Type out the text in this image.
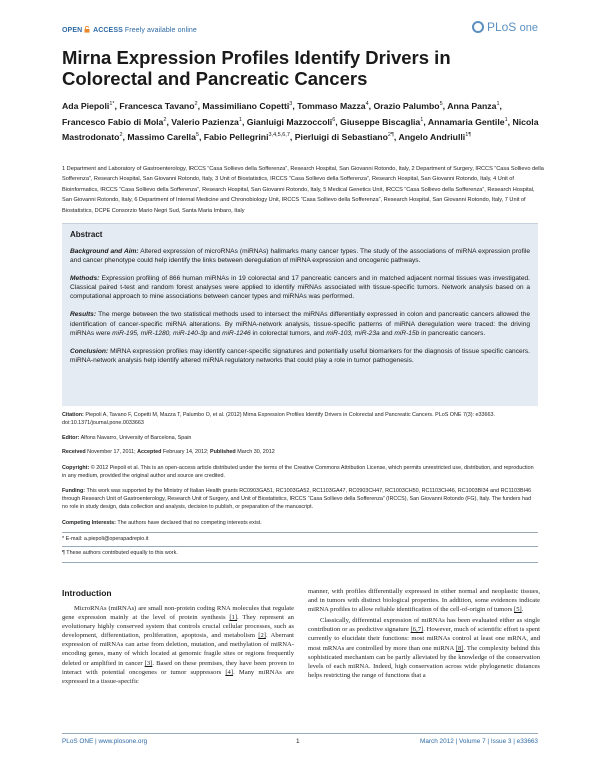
OPEN ACCESS Freely available online	PLoS one
Mirna Expression Profiles Identify Drivers in Colorectal and Pancreatic Cancers
Ada Piepoli$^{1*}$, Francesca Tavano$^2$, Massimiliano Copetti$^3$, Tommaso Mazza$^4$, Orazio Palumbo$^5$, Anna Panza$^1$, Francesco Fabio di Mola$^2$, Valerio Pazienza$^1$, Gianluigi Mazzoccoli$^6$, Giuseppe Biscaglia$^1$, Annamaria Gentile$^1$, Nicola Mastrodonato$^2$, Massimo Carella$^5$, Fabio Pellegrini$^{3,4,5,6,7}$, Pierluigi di Sebastiano$^{2\P}$, Angelo Andriulli$^{1\P}$
1 Department and Laboratory of Gastroenterology, IRCCS “Casa Sollievo della Sofferenza”, Research Hospital, San Giovanni Rotondo, Italy, 2 Department of Surgery, IRCCS “Casa Sollievo della Sofferenza”, Research Hospital, San Giovanni Rotondo, Italy, 3 Unit of Biostatistics, IRCCS “Casa Sollievo della Sofferenza”, Research Hospital, San Giovanni Rotondo, Italy, 4 Unit of Bioinformatics, IRCCS “Casa Sollievo della Sofferenza”, Research Hospital, San Giovanni Rotondo, Italy, 5 Medical Genetics Unit, IRCCS “Casa Sollievo della Sofferenza”, Research Hospital, San Giovanni Rotondo, Italy, 6 Department of Internal Medicine and Chronobiology Unit, IRCCS “Casa Sollievo della Sofferenza”, Research Hospital, San Giovanni Rotondo, Italy, 7 Unit of Biostatistics, DCPE Consorzio Mario Negri Sud, Santa Maria Imbaro, Italy
Abstract

Background and Aim: Altered expression of microRNAs (miRNAs) hallmarks many cancer types. The study of the associations of miRNA expression profile and cancer phenotype could help identify the links between deregulation of miRNA expression and oncogenic pathways.

Methods: Expression profiling of 866 human miRNAs in 19 colorectal and 17 pancreatic cancers and in matched adjacent normal tissues was investigated. Classical paired t-test and random forest analyses were applied to identify miRNAs associated with tissue-specific tumors. Network analysis based on a computational approach to mine associations between cancer types and miRNAs was performed.

Results: The merge between the two statistical methods used to intersect the miRNAs differentially expressed in colon and pancreatic cancers allowed the identification of cancer-specific miRNA alterations. By miRNA-network analysis, tissue-specific patterns of miRNA deregulation were traced: the driving miRNAs were miR-195, miR-1280, miR-140-3p and miR-1246 in colorectal tumors, and miR-103, miR-23a and miR-15b in pancreatic cancers.

Conclusion: MiRNA expression profiles may identify cancer-specific signatures and potentially useful biomarkers for the diagnosis of tissue specific cancers. miRNA-network analysis help identify altered miRNA regulatory networks that could play a role in tumor pathogenesis.

Citation: Piepoli A, Tavano F, Copetti M, Mazza T, Palumbo O, et al. (2012) Mirna Expression Profiles Identify Drivers in Colorectal and Pancreatic Cancers. PLoS ONE 7(3): e33663. doi:10.1371/journal.pone.0033663
Editor: Alfons Navarro, University of Barcelona, Spain
Received November 17, 2011; Accepted February 14, 2012; Published March 30, 2012
Copyright: © 2012 Piepoli et al. This is an open-access article distributed under the terms of the Creative Commons Attribution License, which permits unrestricted use, distribution, and reproduction in any medium, provided the original author and source are credited.
Funding: This work was supported by the Ministry of Italian Health grants RC0903GA51, RC1003GA52, RC1103GA47, RC0903CH47, RC1003CH50, RC1103CH46, RC1003BI34 and RC1103BI46 through Research Unit of Gastroenterology, Research Unit of Surgery, and Unit of Biostatistics, IRCCS “Casa Sollievo della Sofferenza” (IRCCS), San Giovanni Rotondo (FG), Italy. The funders had no role in study design, data collection and analysis, decision to publish, or preparation of the manuscript.
Competing Interests: The authors have declared that no competing interests exist.
* E-mail: a.piepoli@operapadrepio.it
¶ These authors contributed equally to this work.
Introduction

MicroRNAs (miRNAs) are small non-protein coding RNA molecules that regulate gene expression mainly at the level of protein synthesis [1]. They represent an evolutionary highly conserved system that controls crucial cellular processes, such as development, differentiation, proliferation, apoptosis, and metabolism [2]. Aberrant expression of miRNAs can arise from deletion, mutation, and methylation of miRNA-encoding genes, many of which located at genomic fragile sites or regions frequently deleted or amplified in cancer [3]. Based on these premises, they have been proven to interact with potential oncogenes or tumor suppressors [4]. Many miRNAs are expressed in a tissue-specific

manner, with profiles differentially expressed in either normal and neoplastic tissues, and in tumors with distinct biological properties. In addition, some evidences indicate miRNA profiles to allow reliable identification of the cell-of-origin of tumors [5].

Classically, differential expression of miRNAs has been evaluated either as single contribution or as predictive signature [6,7]. However, much of scientific effort is spent currently to elucidate their functions: most miRNAs control at least one mRNA, and most mRNAs are controlled by more than one miRNA [8]. The complexity behind this sophisticated mechanism can be partly alleviated by the knowledge of the conservation levels of each miRNA. Indeed, high conservation across wide phylogenetic distances helps restricting the range of functions that a

PLoS ONE | www.plosone.org	1	March 2012 | Volume 7 | Issue 3 | e33663
